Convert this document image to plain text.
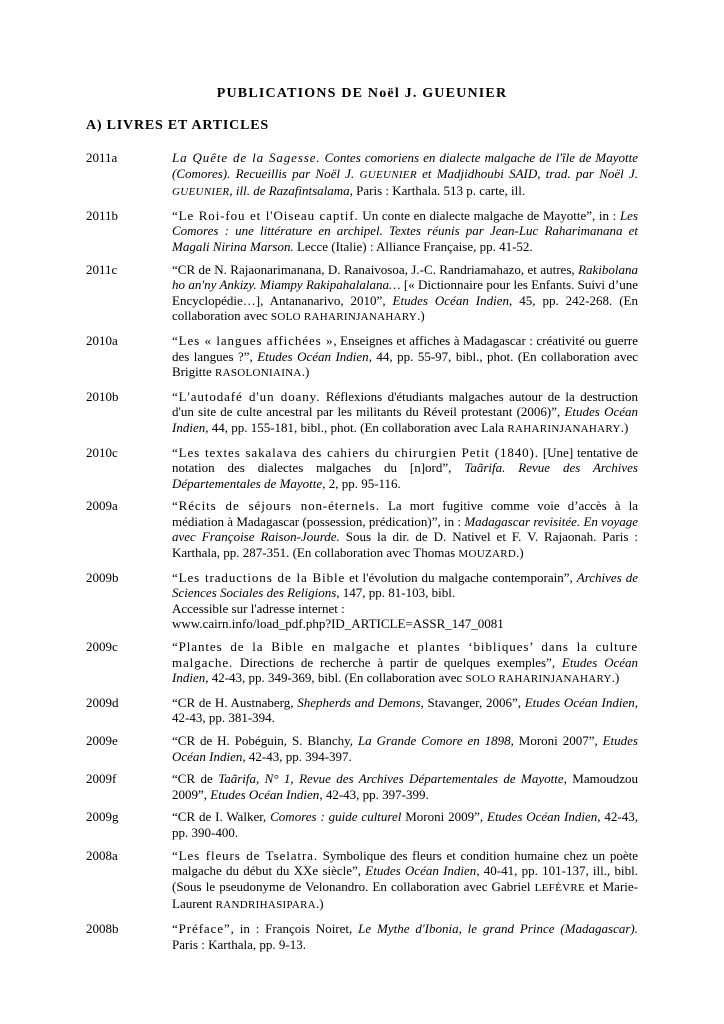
PUBLICATIONS DE Noël J. GUEUNIER
A) LIVRES ET ARTICLES
2011a	La Quête de la Sagesse. Contes comoriens en dialecte malgache de l'île de Mayotte (Comores). Recueillis par Noël J. GUEUNIER et Madjidhoubi SAID, trad. par Noël J. GUEUNIER, ill. de Razafintsalama, Paris : Karthala. 513 p. carte, ill.
2011b	“Le Roi-fou et l'Oiseau captif. Un conte en dialecte malgache de Mayotte”, in : Les Comores : une littérature en archipel. Textes réunis par Jean-Luc Raharimanana et Magali Nirina Marson. Lecce (Italie) : Alliance Française, pp. 41-52.
2011c	“CR de N. Rajaonarimanana, D. Ranaivosoa, J.-C. Randriamahazo, et autres, Rakibolana ho an'ny Ankizy. Miampy Rakipahalalana… [« Dictionnaire pour les Enfants. Suivi d’une Encyclopédie…], Antananarivo, 2010”, Etudes Océan Indien, 45, pp. 242-268. (En collaboration avec SOLO RAHARINJANAHARY.)
2010a	“Les « langues affichées », Enseignes et affiches à Madagascar : créativité ou guerre des langues ?”, Etudes Océan Indien, 44, pp. 55-97, bibl., phot. (En collaboration avec Brigitte RASOLONIAINA.)
2010b	“L'autodafé d'un doany. Réflexions d'étudiants malgaches autour de la destruction d'un site de culte ancestral par les militants du Réveil protestant (2006)”, Etudes Océan Indien, 44, pp. 155-181, bibl., phot. (En collaboration avec Lala RAHARINJANAHARY.)
2010c	“Les textes sakalava des cahiers du chirurgien Petit (1840). [Une] tentative de notation des dialectes malgaches du [n]ord”, Taãrifa. Revue des Archives Départementales de Mayotte, 2, pp. 95-116.
2009a	“Récits de séjours non-éternels. La mort fugitive comme voie d’accès à la médiation à Madagascar (possession, prédication)”, in : Madagascar revisitée. En voyage avec Françoise Raison-Jourde. Sous la dir. de D. Nativel et F. V. Rajaonah. Paris : Karthala, pp. 287-351. (En collaboration avec Thomas MOUZARD.)
2009b	“Les traductions de la Bible et l'évolution du malgache contemporain”, Archives de Sciences Sociales des Religions, 147, pp. 81-103, bibl.
Accessible sur l'adresse internet :
www.cairn.info/load_pdf.php?ID_ARTICLE=ASSR_147_0081
2009c	“Plantes de la Bible en malgache et plantes ‘bibliques’ dans la culture malgache. Directions de recherche à partir de quelques exemples”, Etudes Océan Indien, 42-43, pp. 349-369, bibl. (En collaboration avec SOLO RAHARINJANAHARY.)
2009d	“CR de H. Austnaberg, Shepherds and Demons, Stavanger, 2006”, Etudes Océan Indien, 42-43, pp. 381-394.
2009e	“CR de H. Pobéguin, S. Blanchy, La Grande Comore en 1898, Moroni 2007”, Etudes Océan Indien, 42-43, pp. 394-397.
2009f	“CR de Taãrifa, N° 1, Revue des Archives Départementales de Mayotte, Mamoudzou 2009”, Etudes Océan Indien, 42-43, pp. 397-399.
2009g	“CR de I. Walker, Comores : guide culturel Moroni 2009”, Etudes Océan Indien, 42-43, pp. 390-400.
2008a	“Les fleurs de Tselatra. Symbolique des fleurs et condition humaine chez un poète malgache du début du XXe siècle”, Etudes Océan Indien, 40-41, pp. 101-137, ill., bibl. (Sous le pseudonyme de Velonandro. En collaboration avec Gabriel LEFÈVRE et Marie-Laurent RANDRIHASIPARA.)
2008b	“Préface”, in : François Noiret, Le Mythe d'Ibonia, le grand Prince (Madagascar). Paris : Karthala, pp. 9-13.
